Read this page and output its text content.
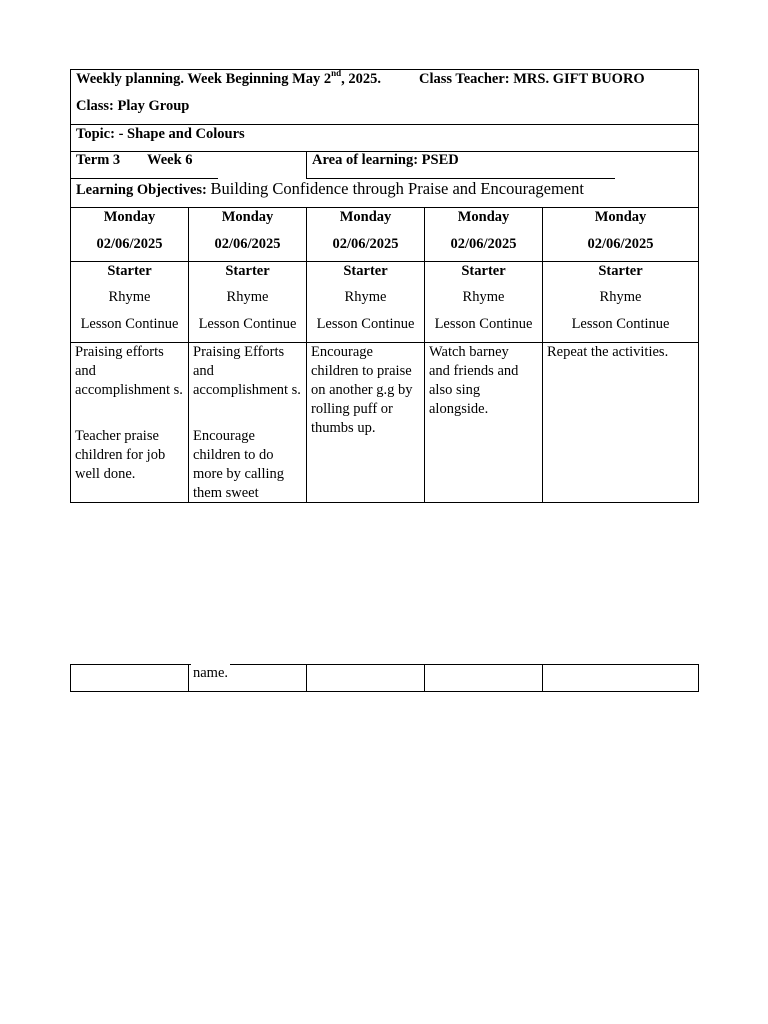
Weekly planning. Week Beginning May 2nd, 2025.	Class Teacher: MRS. GIFT BUORO
Class: Play Group
Topic: - Shape and Colours
Term 3 Week 6	Area of learning: PSED
Learning Objectives: Building Confidence through Praise and Encouragement
Monday
02/06/2025
Starter
Rhyme
Lesson Continue
Praising efforts and accomplishment s.
Teacher praise children for job well done.
Monday
02/06/2025
Starter
Rhyme
Lesson Continue
Praising Efforts and accomplishment s.
Encourage children to do more by calling them sweet
name.
Monday
02/06/2025
Starter
Rhyme
Lesson Continue
Encourage children to praise on another g.g by rolling puff or thumbs up.
Monday
02/06/2025
Starter
Rhyme
Lesson Continue
Watch barney and friends and also sing alongside.
Monday
02/06/2025
Starter
Rhyme
Lesson Continue
Repeat the activities.
